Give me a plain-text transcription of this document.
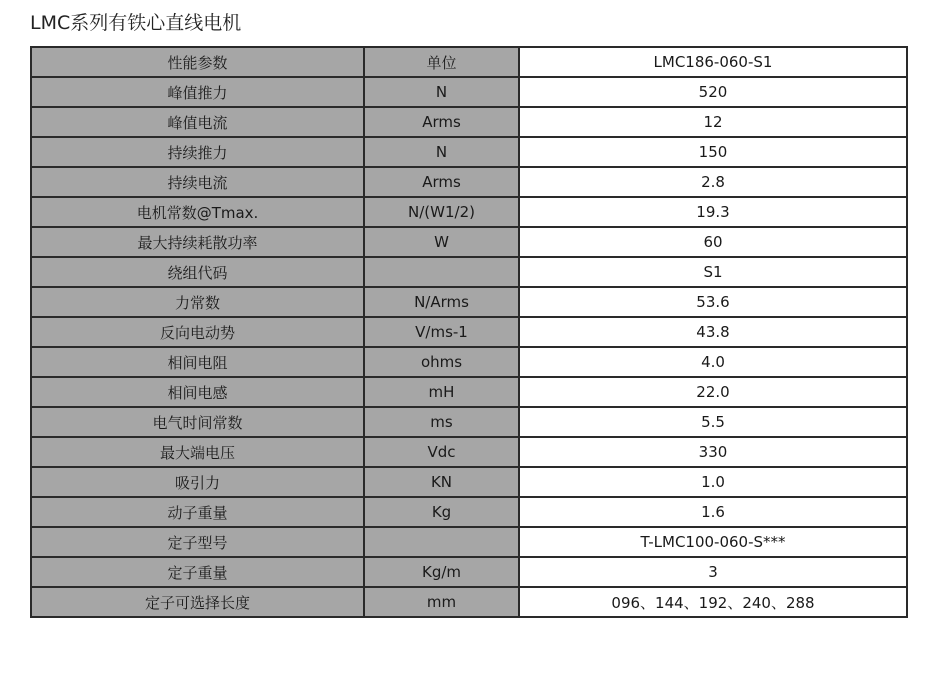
LMC系列有铁心直线电机
性能参数	单位	LMC186-060-S1
峰值推力	N	520
峰值电流	Arms	12
持续推力	N	150
持续电流	Arms	2.8
电机常数@Tmax.	N/(W1/2)	19.3
最大持续耗散功率	W	60
绕组代码		S1
力常数	N/Arms	53.6
反向电动势	V/ms-1	43.8
相间电阻	ohms	4.0
相间电感	mH	22.0
电气时间常数	ms	5.5
最大端电压	Vdc	330
吸引力	KN	1.0
动子重量	Kg	1.6
定子型号		T-LMC100-060-S***
定子重量	Kg/m	3
定子可选择长度	mm	096、144、192、240、288
